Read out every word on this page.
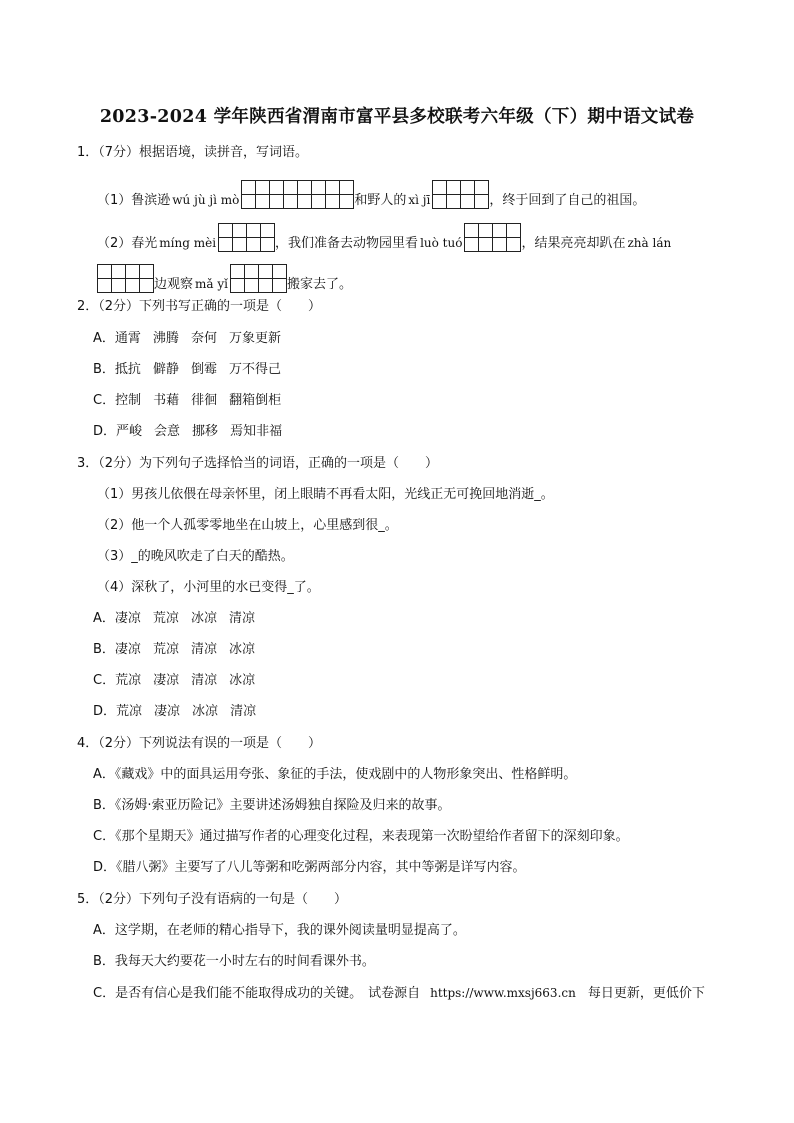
2023-2024 学年陕西省渭南市富平县多校联考六年级（下）期中语文试卷
1．（7分）根据语境，读拼音，写词语。
（1）鲁滨逊 wú jù jì mò	和野人的 xì jī	，终于回到了自己的祖国。
（2）春光 míng mèi	，我们准备去动物园里看 luò tuó	，结果亮亮却趴在 zhà lán
边观察 mǎ yǐ	搬家去了。
2．（2分）下列书写正确的一项是（　　）
A．通霄 沸腾 奈何 万象更新
B．抵抗 僻静 倒霉 万不得己
C．控制 书藉 徘徊 翻箱倒柜
D．严峻 会意 挪移 焉知非福
3．（2分）为下列句子选择恰当的词语，正确的一项是（　　）
（1）男孩儿依偎在母亲怀里，闭上眼睛不再看太阳，光线正无可挽回地消逝_。
（2）他一个人孤零零地坐在山坡上，心里感到很_。
（3）_的晚风吹走了白天的酷热。
（4）深秋了，小河里的水已变得_了。
A．凄凉 荒凉 冰凉 清凉
B．凄凉 荒凉 清凉 冰凉
C．荒凉 凄凉 清凉 冰凉
D．荒凉 凄凉 冰凉 清凉
4．（2分）下列说法有误的一项是（　　）
A．《藏戏》中的面具运用夸张、象征的手法，使戏剧中的人物形象突出、性格鲜明。
B．《汤姆·索亚历险记》主要讲述汤姆独自探险及归来的故事。
C．《那个星期天》通过描写作者的心理变化过程，来表现第一次盼望给作者留下的深刻印象。
D．《腊八粥》主要写了八儿等粥和吃粥两部分内容，其中等粥是详写内容。
5．（2分）下列句子没有语病的一句是（　　）
A．这学期，在老师的精心指导下，我的课外阅读量明显提高了。
B．我每天大约要花一小时左右的时间看课外书。
C．是否有信心是我们能不能取得成功的关键。 试卷源自 https://www.mxsj663.cn 每日更新，更低价下
